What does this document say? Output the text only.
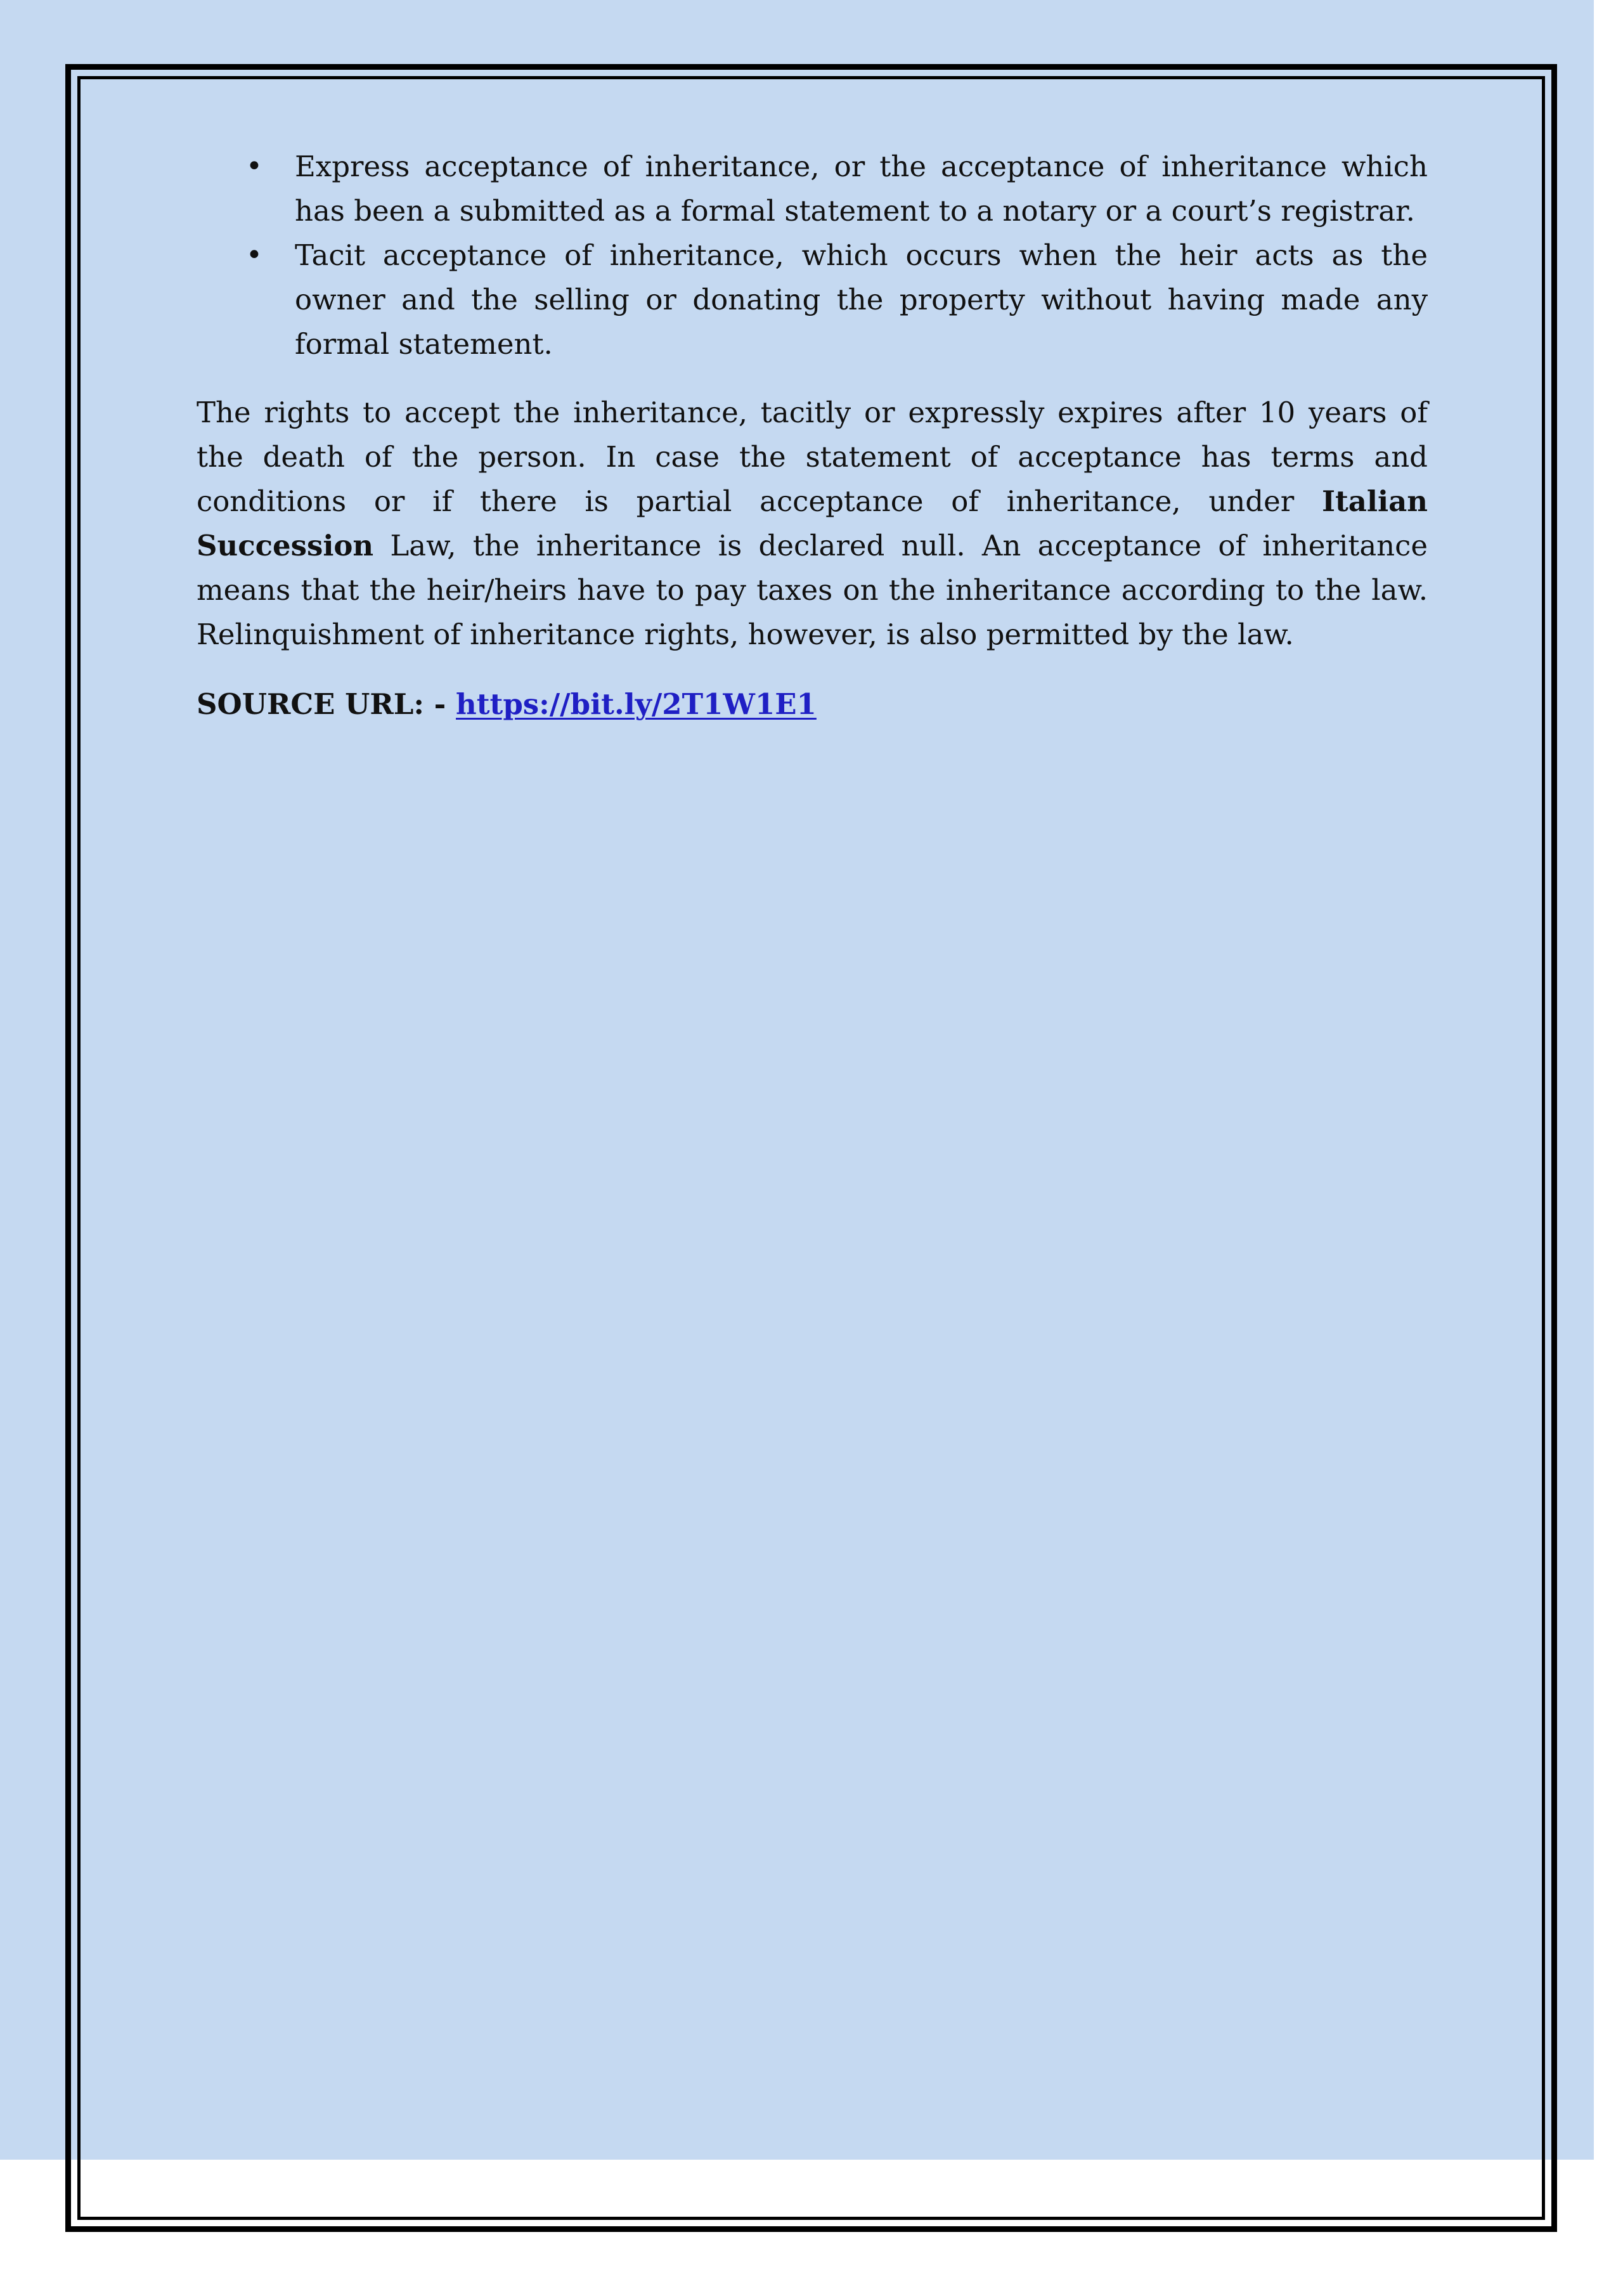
• Express acceptance of inheritance, or the acceptance of inheritance which has been a submitted as a formal statement to a notary or a court’s registrar.
• Tacit acceptance of inheritance, which occurs when the heir acts as the owner and the selling or donating the property without having made any formal statement.

The rights to accept the inheritance, tacitly or expressly expires after 10 years of the death of the person. In case the statement of acceptance has terms and conditions or if there is partial acceptance of inheritance, under Italian Succession Law, the inheritance is declared null. An acceptance of inheritance means that the heir/heirs have to pay taxes on the inheritance according to the law. Relinquishment of inheritance rights, however, is also permitted by the law.

SOURCE URL: - https://bit.ly/2T1W1E1
